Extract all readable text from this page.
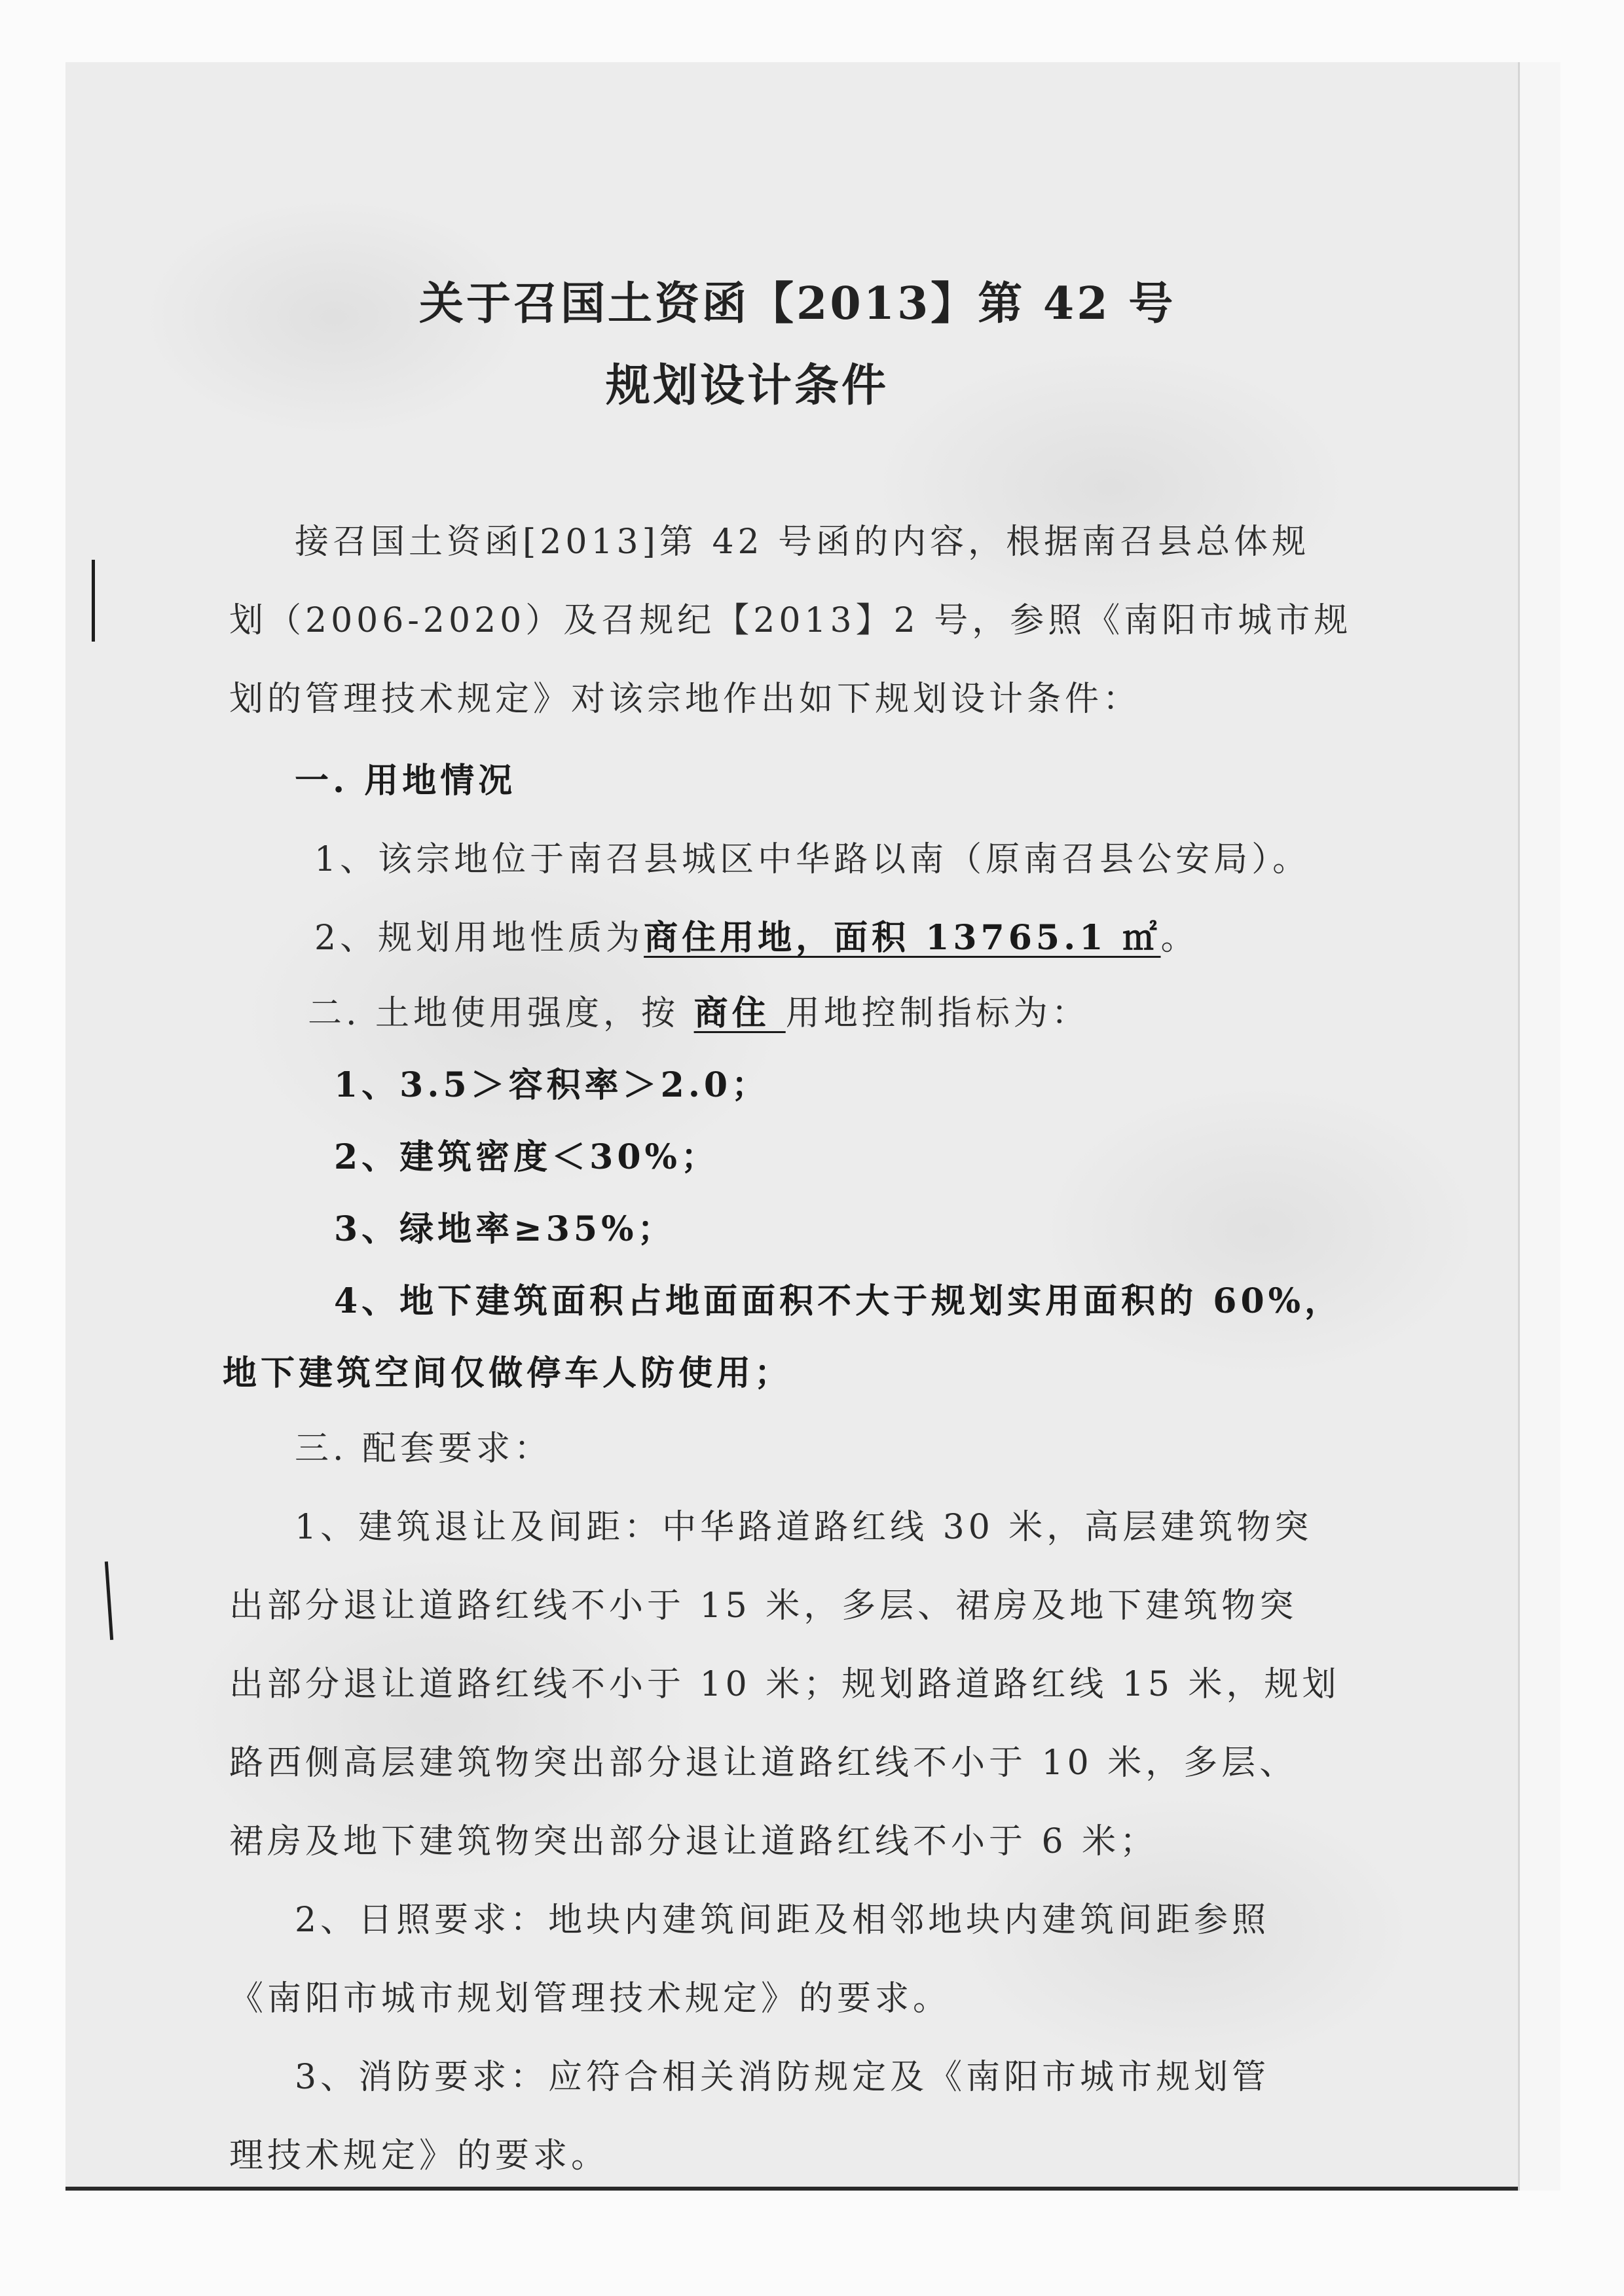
关于召国土资函【2013】第 42 号
规划设计条件
接召国土资函[2013]第 42 号函的内容，根据南召县总体规
划（2006-2020）及召规纪【2013】2 号，参照《南阳市城市规
划的管理技术规定》对该宗地作出如下规划设计条件：
一. 用地情况
1、该宗地位于南召县城区中华路以南（原南召县公安局）。
2、规划用地性质为商住用地，面积 13765.1 ㎡。
二. 土地使用强度，按 商住 用地控制指标为：
1、3.5＞容积率＞2.0；
2、建筑密度＜30%；
3、绿地率≥35%；
4、地下建筑面积占地面面积不大于规划实用面积的 60%，
地下建筑空间仅做停车人防使用；
三. 配套要求：
1、建筑退让及间距：中华路道路红线 30 米，高层建筑物突
出部分退让道路红线不小于 15 米，多层、裙房及地下建筑物突
出部分退让道路红线不小于 10 米；规划路道路红线 15 米，规划
路西侧高层建筑物突出部分退让道路红线不小于 10 米，多层、
裙房及地下建筑物突出部分退让道路红线不小于 6 米；
2、日照要求：地块内建筑间距及相邻地块内建筑间距参照
《南阳市城市规划管理技术规定》的要求。
3、消防要求：应符合相关消防规定及《南阳市城市规划管
理技术规定》的要求。
